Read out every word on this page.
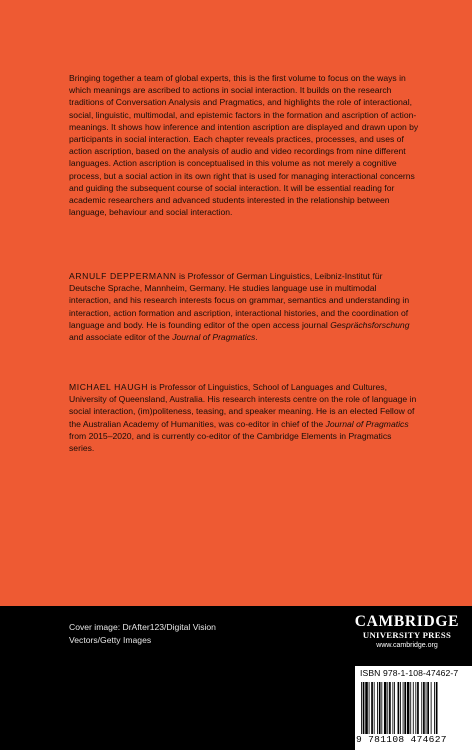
Bringing together a team of global experts, this is the first volume to focus on the ways in which meanings are ascribed to actions in social interaction. It builds on the research traditions of Conversation Analysis and Pragmatics, and highlights the role of interactional, social, linguistic, multimodal, and epistemic factors in the formation and ascription of action-meanings. It shows how inference and intention ascription are displayed and drawn upon by participants in social interaction. Each chapter reveals practices, processes, and uses of action ascription, based on the analysis of audio and video recordings from nine different languages. Action ascription is conceptualised in this volume as not merely a cognitive process, but a social action in its own right that is used for managing interactional concerns and guiding the subsequent course of social interaction. It will be essential reading for academic researchers and advanced students interested in the relationship between language, behaviour and social interaction.
ARNULF DEPPERMANN is Professor of German Linguistics, Leibniz-Institut für Deutsche Sprache, Mannheim, Germany. He studies language use in multimodal interaction, and his research interests focus on grammar, semantics and understanding in interaction, action formation and ascription, interactional histories, and the coordination of language and body. He is founding editor of the open access journal Gesprächsforschung and associate editor of the Journal of Pragmatics.
MICHAEL HAUGH is Professor of Linguistics, School of Languages and Cultures, University of Queensland, Australia. His research interests centre on the role of language in social interaction, (im)politeness, teasing, and speaker meaning. He is an elected Fellow of the Australian Academy of Humanities, was co-editor in chief of the Journal of Pragmatics from 2015–2020, and is currently co-editor of the Cambridge Elements in Pragmatics series.
Cover image: DrAfter123/Digital Vision Vectors/Getty Images
CAMBRIDGE
UNIVERSITY PRESS
www.cambridge.org
ISBN 978-1-108-47462-7
9 781108 474627
